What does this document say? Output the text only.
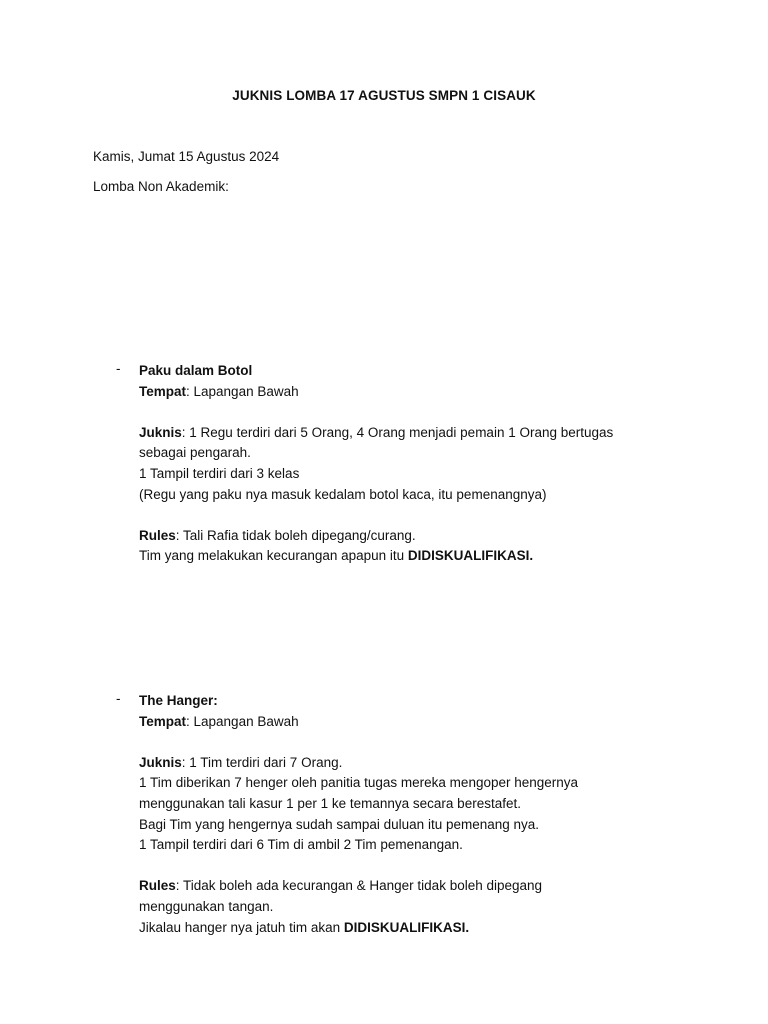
JUKNIS LOMBA 17 AGUSTUS SMPN 1 CISAUK
Kamis, Jumat 15 Agustus 2024
Lomba Non Akademik:
- Paku dalam Botol

Tempat: Lapangan Bawah

Juknis: 1 Regu terdiri dari 5 Orang, 4 Orang menjadi pemain 1 Orang bertugas

sebagai pengarah.

1 Tampil terdiri dari 3 kelas

(Regu yang paku nya masuk kedalam botol kaca, itu pemenangnya)

Rules: Tali Rafia tidak boleh dipegang/curang.

Tim yang melakukan kecurangan apapun itu DIDISKUALIFIKASI.

- The Hanger:

Tempat: Lapangan Bawah

Juknis: 1 Tim terdiri dari 7 Orang.

1 Tim diberikan 7 henger oleh panitia tugas mereka mengoper hengernya

menggunakan tali kasur 1 per 1 ke temannya secara berestafet.

Bagi Tim yang hengernya sudah sampai duluan itu pemenang nya.

1 Tampil terdiri dari 6 Tim di ambil 2 Tim pemenangan.

Rules: Tidak boleh ada kecurangan & Hanger tidak boleh dipegang

menggunakan tangan.

Jikalau hanger nya jatuh tim akan DIDISKUALIFIKASI.
